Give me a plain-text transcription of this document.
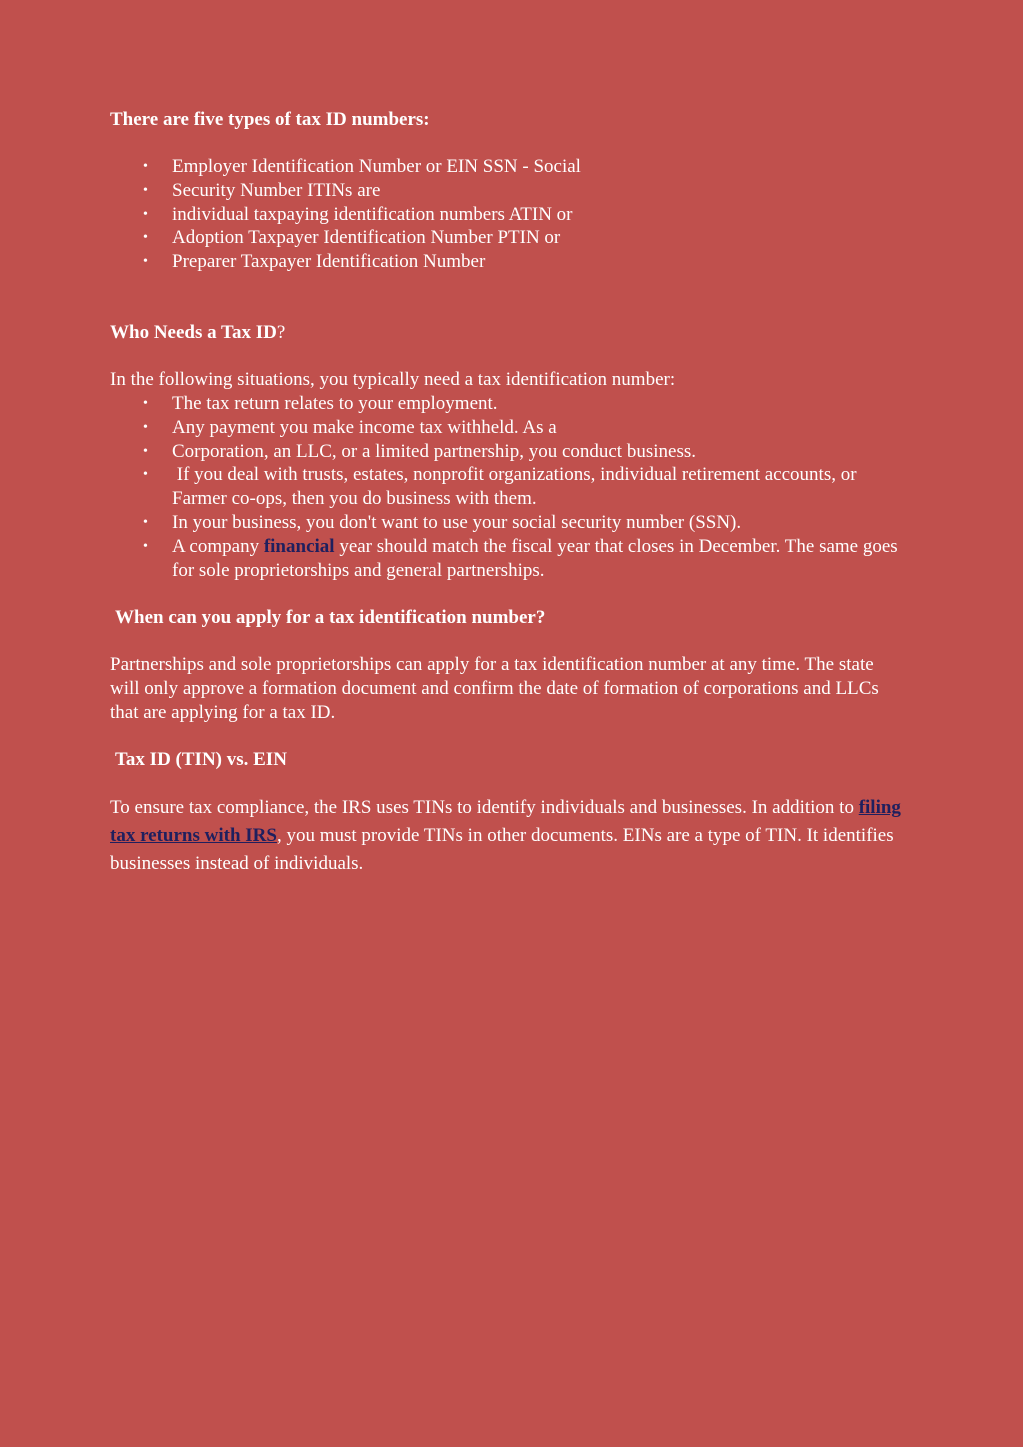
There are five types of tax ID numbers:
• Employer Identification Number or EIN SSN - Social
• Security Number ITINs are
• individual taxpaying identification numbers ATIN or
• Adoption Taxpayer Identification Number PTIN or
• Preparer Taxpayer Identification Number
Who Needs a Tax ID?

In the following situations, you typically need a tax identification number:

• The tax return relates to your employment.
• Any payment you make income tax withheld. As a
• Corporation, an LLC, or a limited partnership, you conduct business.
• If you deal with trusts, estates, nonprofit organizations, individual retirement accounts, or Farmer co-ops, then you do business with them.
• In your business, you don't want to use your social security number (SSN).
• A company financial year should match the fiscal year that closes in December. The same goes for sole proprietorships and general partnerships.
When can you apply for a tax identification number?

Partnerships and sole proprietorships can apply for a tax identification number at any time. The state will only approve a formation document and confirm the date of formation of corporations and LLCs that are applying for a tax ID.

Tax ID (TIN) vs. EIN

To ensure tax compliance, the IRS uses TINs to identify individuals and businesses. In addition to filing tax returns with IRS, you must provide TINs in other documents. EINs are a type of TIN. It identifies businesses instead of individuals.
